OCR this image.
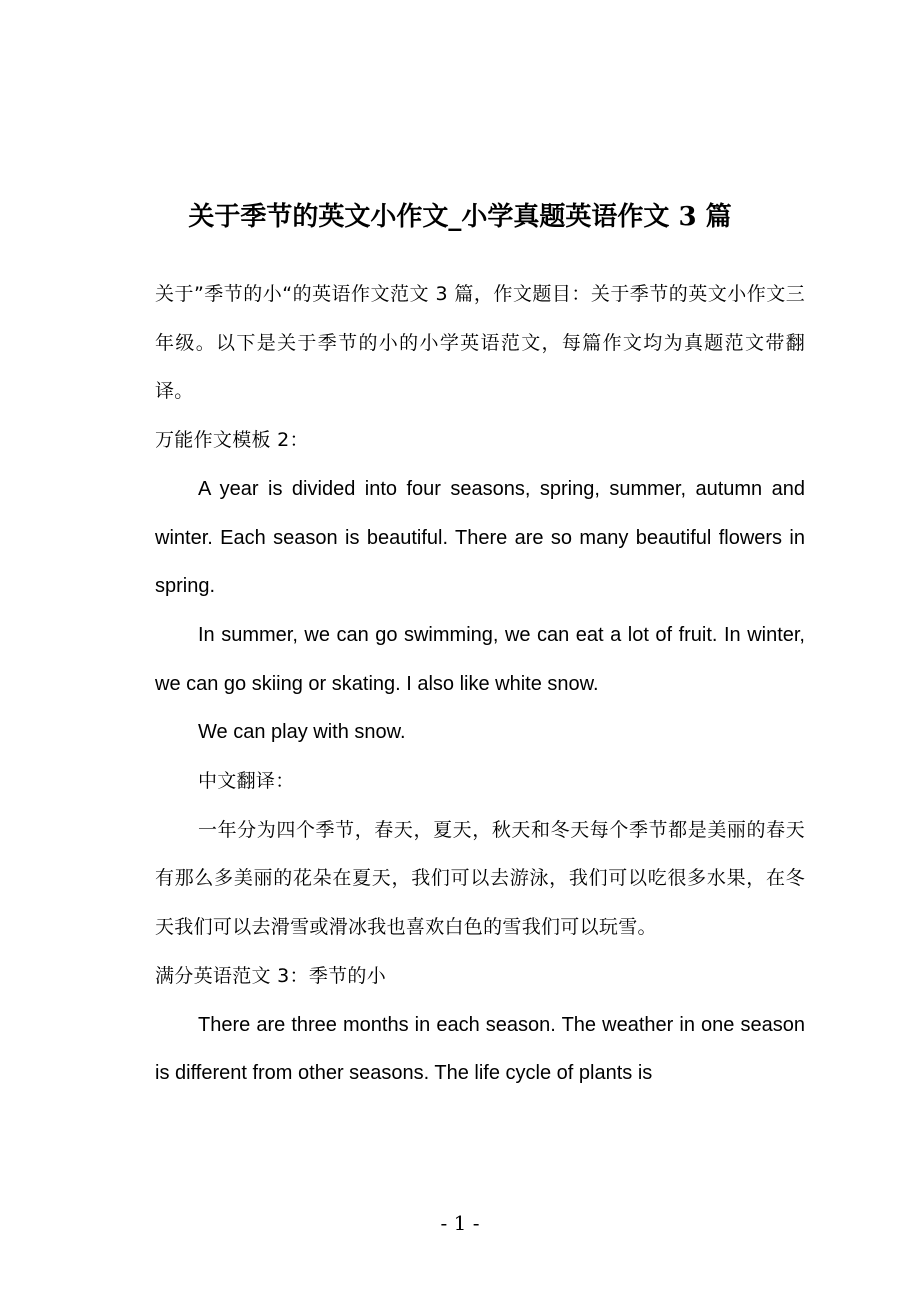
关于季节的英文小作文_小学真题英语作文 3 篇

关于”季节的小“的英语作文范文 3 篇，作文题目：关于季节的英文小作文三年级。以下是关于季节的小的小学英语范文，每篇作文均为真题范文带翻译。

万能作文模板 2：

A year is divided into four seasons, spring, summer, autumn and winter. Each season is beautiful. There are so many beautiful flowers in spring.

In summer, we can go swimming, we can eat a lot of fruit. In winter, we can go skiing or skating. I also like white snow.

We can play with snow.

中文翻译：

一年分为四个季节，春天，夏天，秋天和冬天每个季节都是美丽的春天有那么多美丽的花朵在夏天，我们可以去游泳，我们可以吃很多水果，在冬天我们可以去滑雪或滑冰我也喜欢白色的雪我们可以玩雪。

满分英语范文 3：季节的小

There are three months in each season. The weather in one season is different from other seasons. The life cycle of plants is

- 1 -
